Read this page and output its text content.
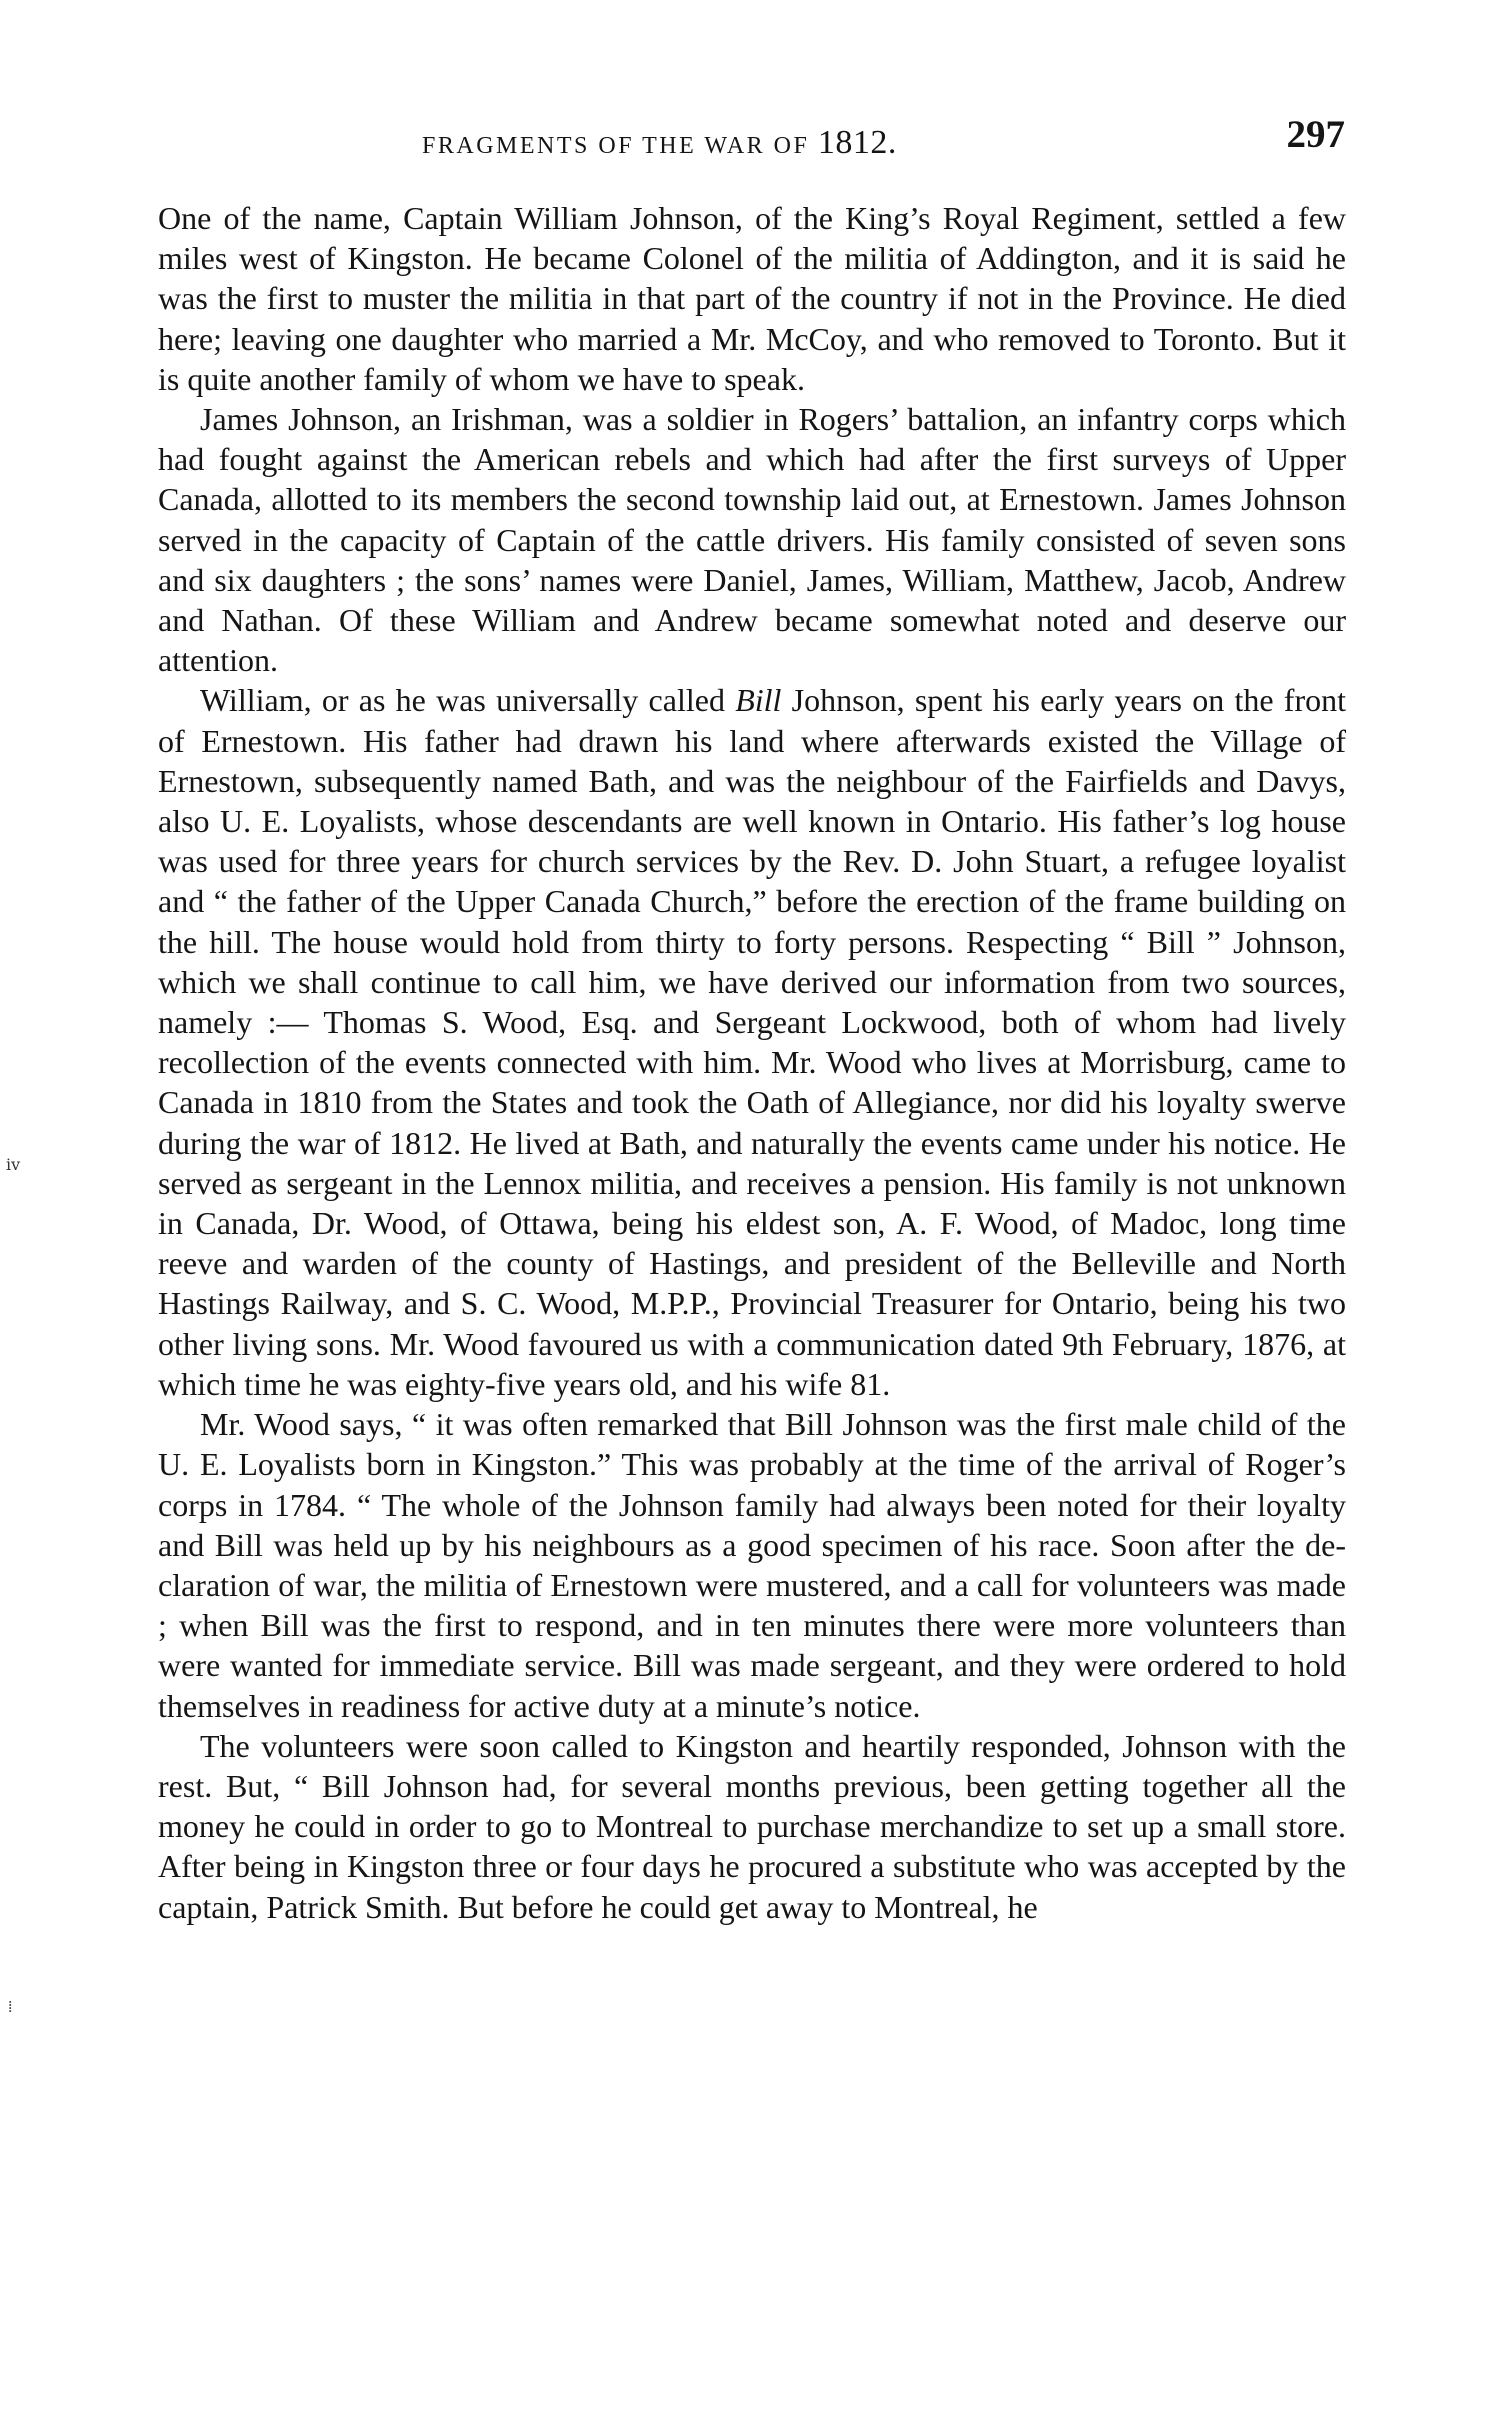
FRAGMENTS OF THE WAR OF 1812.	297

One of the name, Captain William Johnson, of the King’s Royal Regiment, settled a few miles west of Kingston. He became Colonel of the militia of Addington, and it is said he was the first to muster the militia in that part of the country if not in the Province. He died here; leaving one daughter who married a Mr. McCoy, and who removed to Toronto. But it is quite another family of whom we have to speak.

James Johnson, an Irishman, was a soldier in Rogers’ battalion, an infantry corps which had fought against the American rebels and which had after the first surveys of Upper Canada, allotted to its members the second township laid out, at Ernestown. James Johnson served in the capacity of Captain of the cattle drivers. His family consisted of seven sons and six daughters ; the sons’ names were Daniel, James, William, Matthew, Jacob, Andrew and Nathan. Of these William and Andrew became somewhat noted and deserve our attention.

William, or as he was universally called Bill Johnson, spent his early years on the front of Ernestown. His father had drawn his land where afterwards existed the Village of Ernestown, subsequently named Bath, and was the neighbour of the Fairfields and Davys, also U. E. Loyalists, whose descendants are well known in Ontario. His father’s log house was used for three years for church services by the Rev. D. John Stuart, a refugee loyalist and “ the father of the Upper Canada Church,” before the erection of the frame building on the hill. The house would hold from thirty to forty persons. Respecting “ Bill ” Johnson, which we shall continue to call him, we have derived our information from two sources, namely :— Thomas S. Wood, Esq. and Sergeant Lockwood, both of whom had lively recollection of the events connected with him. Mr. Wood who lives at Morrisburg, came to Canada in 1810 from the States and took the Oath of Allegiance, nor did his loyalty swerve during the war of 1812. He lived at Bath, and naturally the events came under his notice. He served as sergeant in the Lennox militia, and receives a pension. His family is not unknown in Canada, Dr. Wood, of Ottawa, being his eldest son, A. F. Wood, of Madoc, long time reeve and warden of the county of Hastings, and president of the Belleville and North Hastings Railway, and S. C. Wood, M.P.P., Provincial Treasurer for Ontario, being his two other living sons. Mr. Wood favoured us with a communication dated 9th February, 1876, at which time he was eighty-five years old, and his wife 81.

Mr. Wood says, “ it was often remarked that Bill Johnson was the first male child of the U. E. Loyalists born in Kingston.” This was probably at the time of the arrival of Roger’s corps in 1784. “ The whole of the Johnson family had always been noted for their loyalty and Bill was held up by his neighbours as a good specimen of his race. Soon after the declaration of war, the militia of Ernestown were mustered, and a call for volunteers was made ; when Bill was the first to respond, and in ten minutes there were more volunteers than were wanted for immediate service. Bill was made sergeant, and they were ordered to hold themselves in readiness for active duty at a minute’s notice.

The volunteers were soon called to Kingston and heartily responded, Johnson with the rest. But, “ Bill Johnson had, for several months previous, been getting together all the money he could in order to go to Montreal to purchase merchandize to set up a small store. After being in Kingston three or four days he procured a substitute who was accepted by the captain, Patrick Smith. But before he could get away to Montreal, he

ⅳ
⁞
